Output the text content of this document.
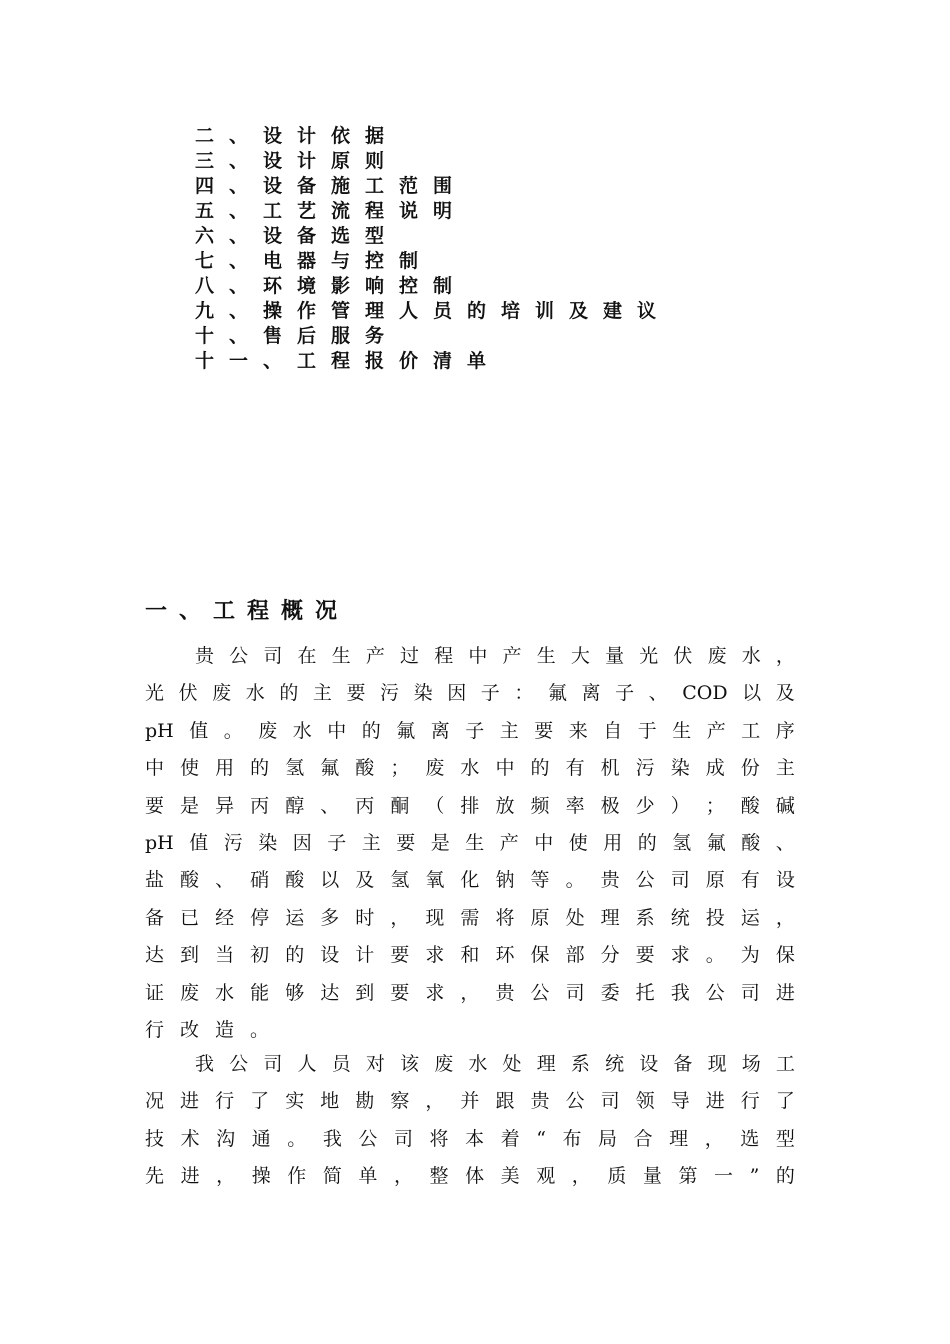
二、设计依据
三、设计原则
四、设备施工范围
五、工艺流程说明
六、设备选型
七、电器与控制
八、环境影响控制
九、操作管理人员的培训及建议
十、售后服务
十一、工程报价清单
一、工程概况
贵 公 司 在 生 产 过 程 中 产 生 大 量 光 伏 废 水 ，
光 伏 废 水 的 主 要 污 染 因 子 ： 氟 离 子 、 COD 以 及
pH 值 。 废 水 中 的 氟 离 子 主 要 来 自 于 生 产 工 序
中 使 用 的 氢 氟 酸 ； 废 水 中 的 有 机 污 染 成 份 主
要 是 异 丙 醇 、 丙 酮 （ 排 放 频 率 极 少 ） ； 酸 碱
pH 值 污 染 因 子 主 要 是 生 产 中 使 用 的 氢 氟 酸 、
盐 酸 、 硝 酸 以 及 氢 氧 化 钠 等 。 贵 公 司 原 有 设
备 已 经 停 运 多 时 ， 现 需 将 原 处 理 系 统 投 运 ，
达 到 当 初 的 设 计 要 求 和 环 保 部 分 要 求 。 为 保
证 废 水 能 够 达 到 要 求 ， 贵 公 司 委 托 我 公 司 进
行 改 造 。
我 公 司 人 员 对 该 废 水 处 理 系 统 设 备 现 场 工
况 进 行 了 实 地 勘 察 ， 并 跟 贵 公 司 领 导 进 行 了
技 术 沟 通 。 我 公 司 将 本 着 “ 布 局 合 理 ， 选 型
先 进 ， 操 作 简 单 ， 整 体 美 观 ， 质 量 第 一 ” 的
